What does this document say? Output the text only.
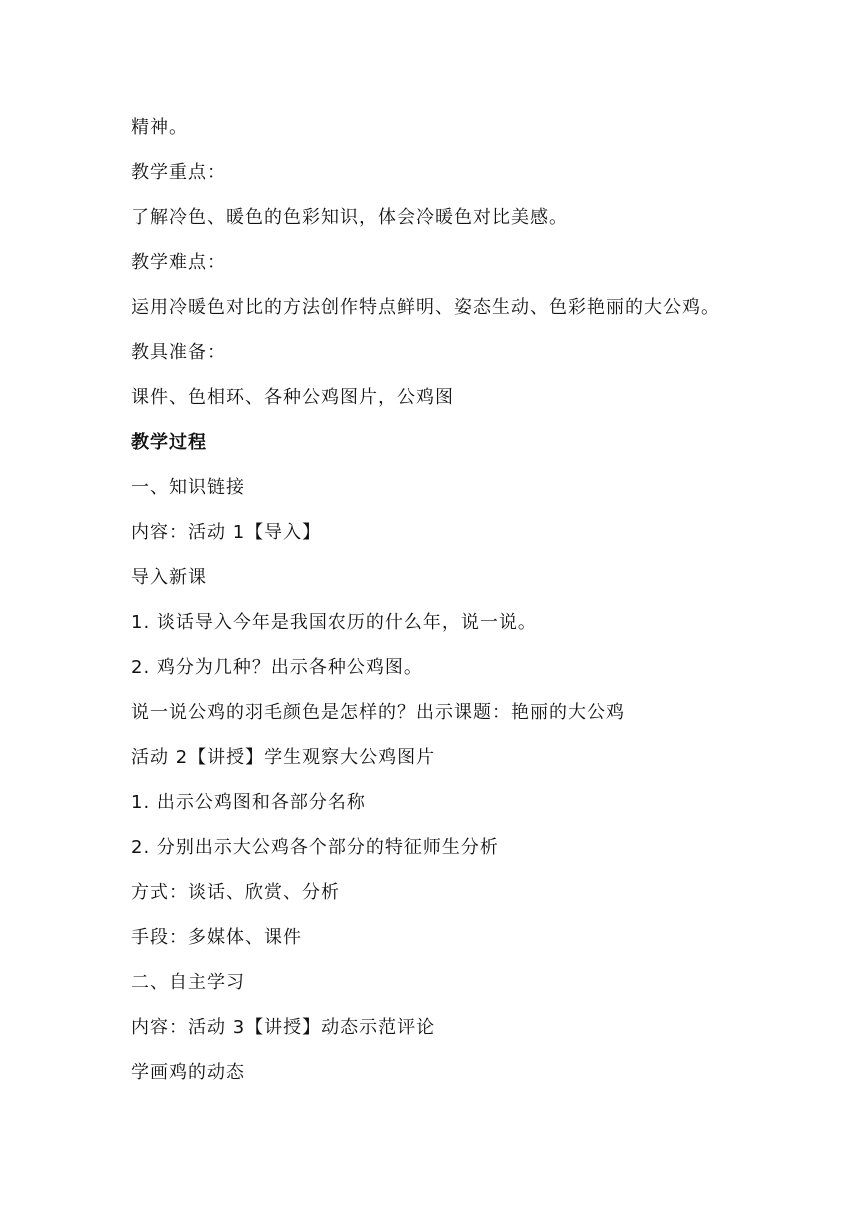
精神。
教学重点：
了解冷色、暖色的色彩知识，体会冷暖色对比美感。
教学难点：
运用冷暖色对比的方法创作特点鲜明、姿态生动、色彩艳丽的大公鸡。
教具准备：
课件、色相环、各种公鸡图片，公鸡图
教学过程
一、知识链接
内容：活动 1【导入】
导入新课
1. 谈话导入今年是我国农历的什么年，说一说。
2. 鸡分为几种？出示各种公鸡图。
说一说公鸡的羽毛颜色是怎样的？出示课题：艳丽的大公鸡
活动 2【讲授】学生观察大公鸡图片
1. 出示公鸡图和各部分名称
2. 分别出示大公鸡各个部分的特征师生分析
方式：谈话、欣赏、分析
手段：多媒体、课件
二、自主学习
内容：活动 3【讲授】动态示范评论
学画鸡的动态
